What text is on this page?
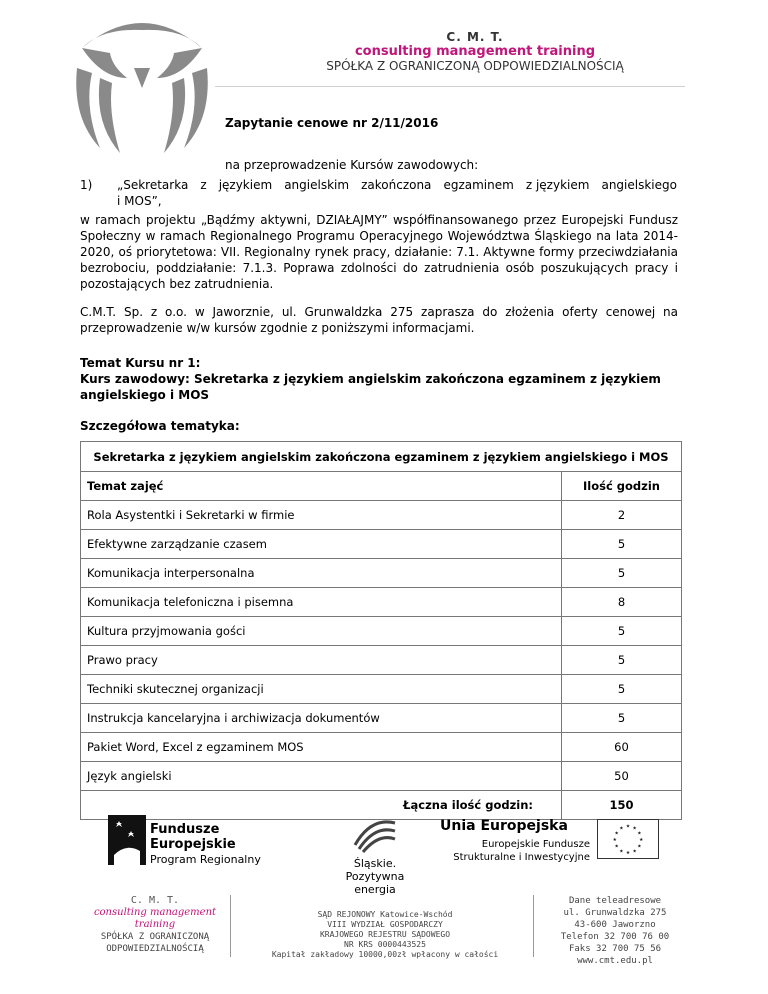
C. M. T.
consulting management training
SPÓŁKA Z OGRANICZONĄ ODPOWIEDZIALNOŚCIĄ
Zapytanie cenowe nr 2/11/2016
na przeprowadzenie Kursów zawodowych:
1) „Sekretarka z językiem angielskim zakończona egzaminem z językiem angielskiego
i MOS”,
w ramach projektu „Bądźmy aktywni, DZIAŁAJMY” współfinansowanego przez Europejski Fundusz Społeczny w ramach Regionalnego Programu Operacyjnego Województwa Śląskiego na lata 2014-2020, oś priorytetowa: VII. Regionalny rynek pracy, działanie: 7.1. Aktywne formy przeciwdziałania bezrobociu, poddziałanie: 7.1.3. Poprawa zdolności do zatrudnienia osób poszukujących pracy i pozostających bez zatrudnienia.
C.M.T. Sp. z o.o. w Jaworznie, ul. Grunwaldzka 275 zaprasza do złożenia oferty cenowej na przeprowadzenie w/w kursów zgodnie z poniższymi informacjami.
Temat Kursu nr 1:
Kurs zawodowy: Sekretarka z językiem angielskim zakończona egzaminem z językiem angielskiego i MOS
Szczegółowa tematyka:
Sekretarka z językiem angielskim zakończona egzaminem z językiem angielskiego i MOS	
Temat zajęć	Ilość godzin
Rola Asystentki i Sekretarki w firmie	2
Efektywne zarządzanie czasem	5
Komunikacja interpersonalna	5
Komunikacja telefoniczna i pisemna	8
Kultura przyjmowania gości	5
Prawo pracy	5
Techniki skutecznej organizacji	5
Instrukcja kancelaryjna i archiwizacja dokumentów	5
Pakiet Word, Excel z egzaminem MOS	60
Język angielski	50
Łączna ilość godzin:	150
Fundusze
Europejskie
Program Regionalny	Śląskie.
Pozytywna energia
Unia Europejska
Europejskie Fundusze
Strukturalne i Inwestycyjne
★ ★
★
★
★
★
★
★
★
★
★
★
C. M. T.
consulting management
training
SPÓŁKA Z OGRANICZONĄ
ODPOWIEDZIALNOŚCIĄ
SĄD REJONOWY Katowice-Wschód
VIII WYDZIAŁ GOSPODARCZY
KRAJOWEGO REJESTRU SĄDOWEGO
NR KRS 0000443525
Kapitał zakładowy 10000,00zł wpłacony w całości
Dane teleadresowe
ul. Grunwaldzka 275
43-600 Jaworzno
Telefon 32 700 76 00
Faks 32 700 75 56
www.cmt.edu.pl
